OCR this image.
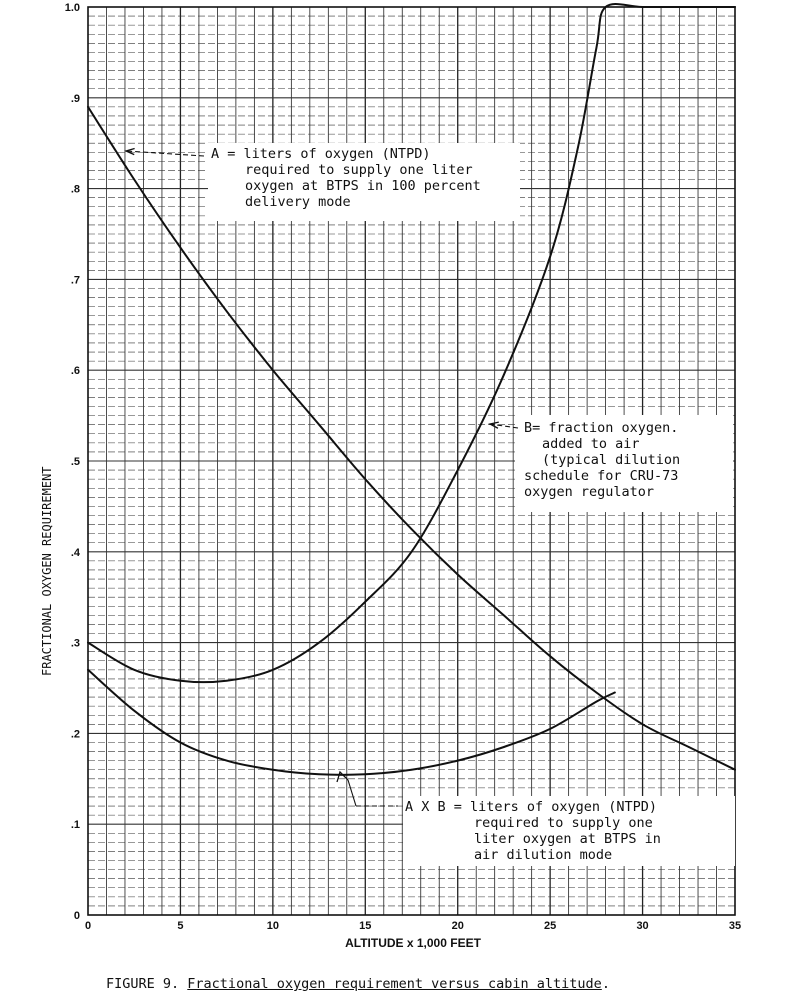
0	5	10	15	20	25	30	35
0
.1
.2
.3
.4
.5
.6
.7
.8
.9
1.0
A = liters of oxygen (NTPD)
required to supply one liter
oxygen at BTPS in 100 percent
delivery mode
B= fraction oxygen.
added to air
(typical dilution
schedule for CRU-73
oxygen regulator
A X B = liters of oxygen (NTPD)
required to supply one
liter oxygen at BTPS in
air dilution mode
FRACTIONAL OXYGEN REQUIREMENT
ALTITUDE x 1,000 FEET
FIGURE 9. Fractional oxygen requirement versus cabin altitude.
